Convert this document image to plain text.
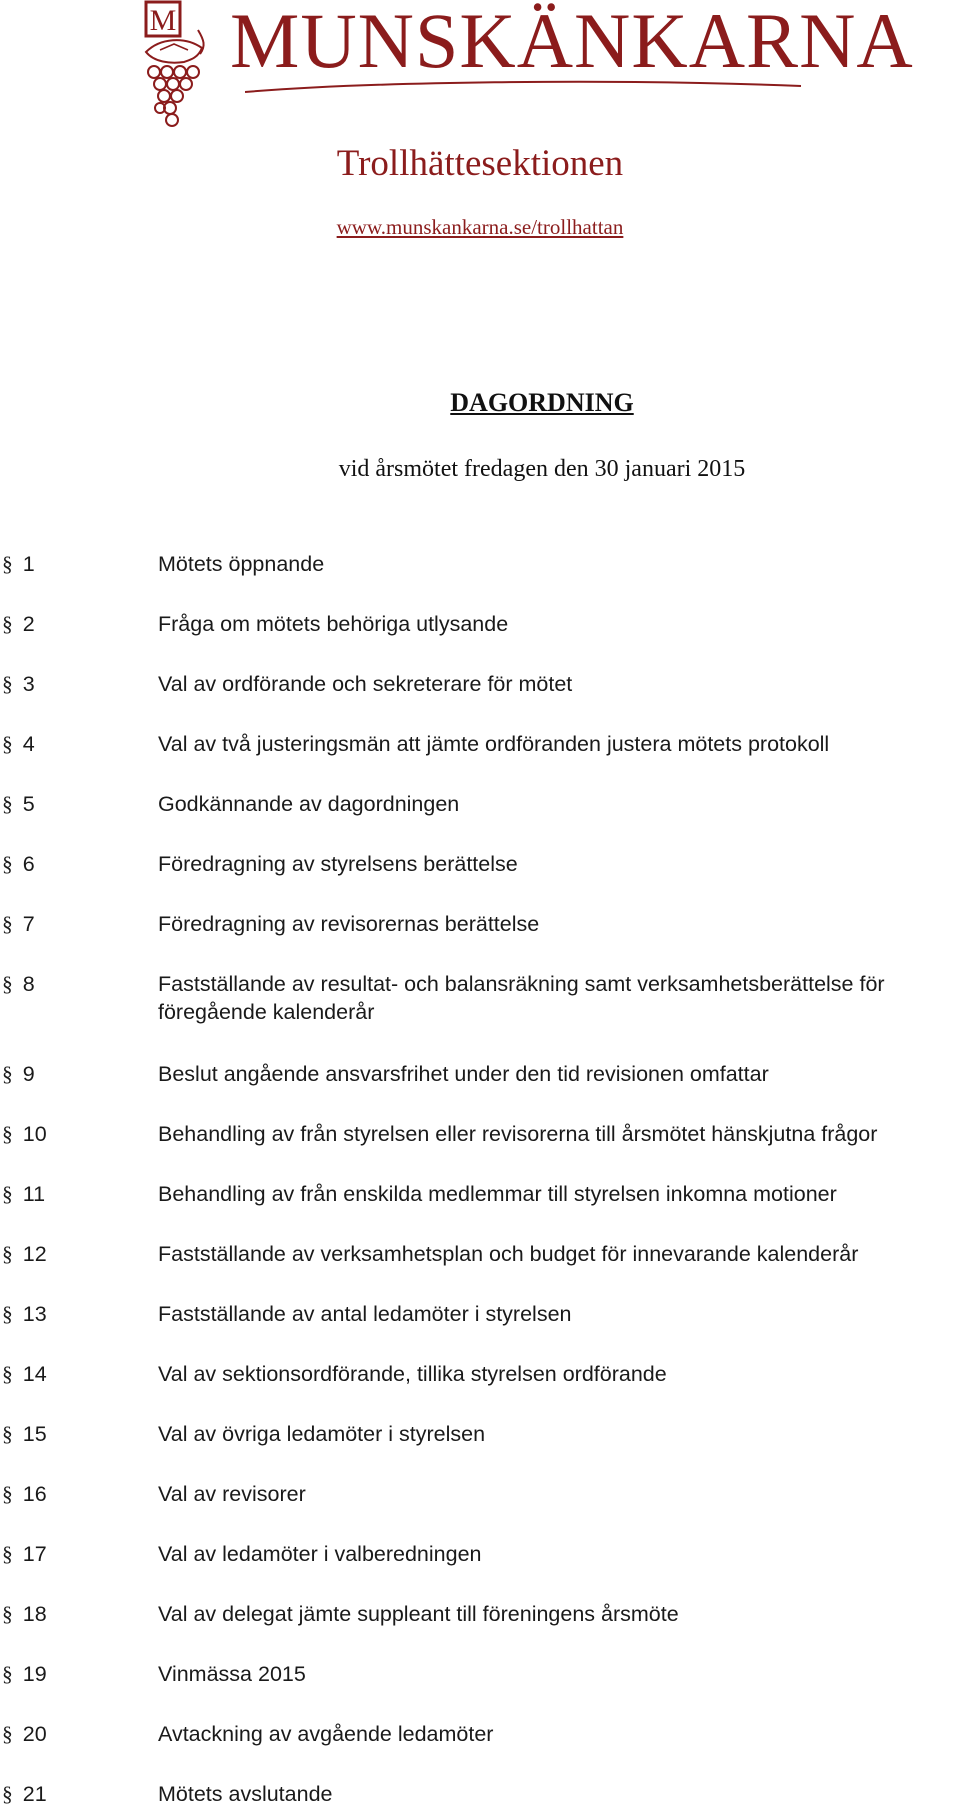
M MUNSKÄNKARNA
Trollhättesektionen
www.munskankarna.se/trollhattan
DAGORDNING
vid årsmötet fredagen den 30 januari 2015
§ 1	Mötets öppnande
§ 2	Fråga om mötets behöriga utlysande
§ 3	Val av ordförande och sekreterare för mötet
§ 4	Val av två justeringsmän att jämte ordföranden justera mötets protokoll
§ 5	Godkännande av dagordningen
§ 6	Föredragning av styrelsens berättelse
§ 7	Föredragning av revisorernas berättelse
§ 8	Fastställande av resultat- och balansräkning samt verksamhetsberättelse för föregående kalenderår
§ 9	Beslut angående ansvarsfrihet under den tid revisionen omfattar
§ 10	Behandling av från styrelsen eller revisorerna till årsmötet hänskjutna frågor
§ 11	Behandling av från enskilda medlemmar till styrelsen inkomna motioner
§ 12	Fastställande av verksamhetsplan och budget för innevarande kalenderår
§ 13	Fastställande av antal ledamöter i styrelsen
§ 14	Val av sektionsordförande, tillika styrelsen ordförande
§ 15	Val av övriga ledamöter i styrelsen
§ 16	Val av revisorer
§ 17	Val av ledamöter i valberedningen
§ 18	Val av delegat jämte suppleant till föreningens årsmöte
§ 19	Vinmässa 2015
§ 20	Avtackning av avgående ledamöter
§ 21	Mötets avslutande
